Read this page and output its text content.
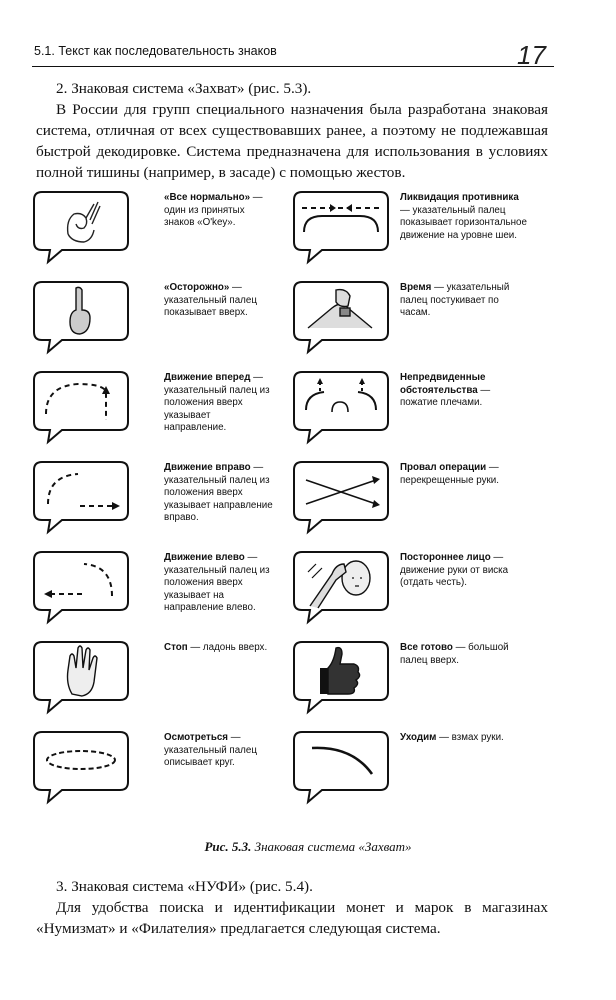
5.1. Текст как последовательность знаков	17

2. Знаковая система «Захват» (рис. 5.3).

В России для групп специального назначения была разработана знаковая система, отличная от всех существовавших ранее, а поэтому не подлежавшая быстрой декодировке. Система предназначена для использования в условиях полной тишины (например, в засаде) с помощью жестов.

«Все нормально» — один из принятых знаков «О'key».
«Осторожно» — указательный палец показывает вверх.
Движение вперед — указательный палец из положения вверх указывает направление.
Движение вправо — указательный палец из положения вверх указывает направление вправо.
Движение влево — указательный палец из положения вверх указывает на направление влево.
Стоп — ладонь вверх.
Осмотреться — указательный палец описывает круг.
Ликвидация противника — указательный палец показывает горизонтальное движение на уровне шеи.
Время — указательный палец постукивает по часам.
Непредвиденные обстоятельства — пожатие плечами.
Провал операции — перекрещенные руки.
Постороннее лицо — движение руки от виска (отдать честь).
Все готово — большой палец вверх.
Уходим — взмах руки.
Рис. 5.3. Знаковая система «Захват»

3. Знаковая система «НУФИ» (рис. 5.4).

Для удобства поиска и идентификации монет и марок в магазинах «Нумизмат» и «Филателия» предлагается следующая система.
